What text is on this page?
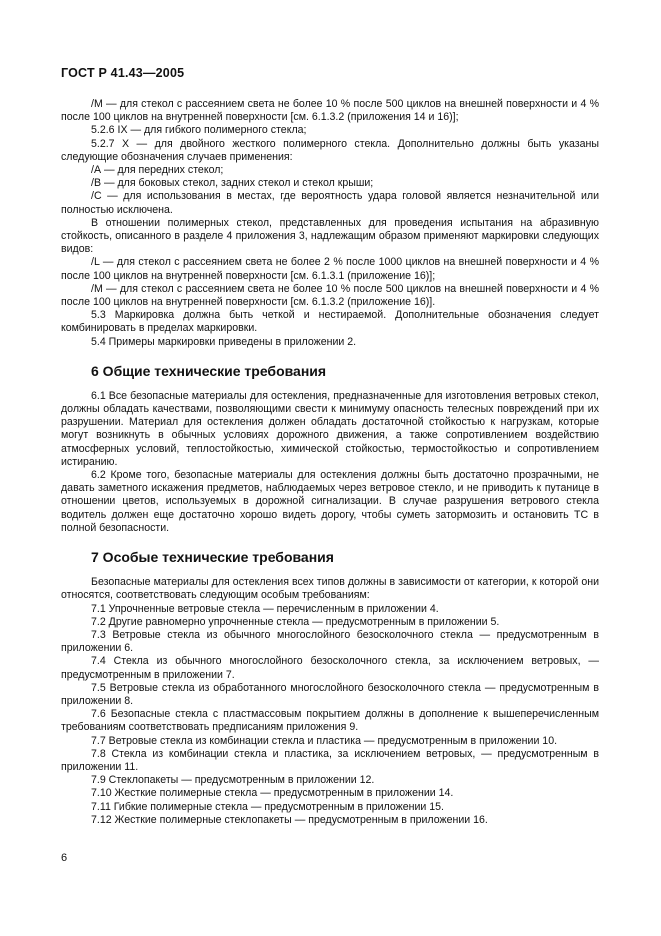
ГОСТ Р 41.43—2005

/М — для стекол с рассеянием света не более 10 % после 500 циклов на внешней поверхности и 4 % после 100 циклов на внутренней поверхности [см. 6.1.3.2 (приложения 14 и 16)];

5.2.6 IX — для гибкого полимерного стекла;

5.2.7 X — для двойного жесткого полимерного стекла. Дополнительно должны быть указаны следующие обозначения случаев применения:

/А — для передних стекол;

/В — для боковых стекол, задних стекол и стекол крыши;

/С — для использования в местах, где вероятность удара головой является незначительной или полностью исключена.

В отношении полимерных стекол, представленных для проведения испытания на абразивную стойкость, описанного в разделе 4 приложения 3, надлежащим образом применяют маркировки следующих видов:

/L — для стекол с рассеянием света не более 2 % после 1000 циклов на внешней поверхности и 4 % после 100 циклов на внутренней поверхности [см. 6.1.3.1 (приложение 16)];

/М — для стекол с рассеянием света не более 10 % после 500 циклов на внешней поверхности и 4 % после 100 циклов на внутренней поверхности [см. 6.1.3.2 (приложение 16)].

5.3 Маркировка должна быть четкой и нестираемой. Дополнительные обозначения следует комбинировать в пределах маркировки.

5.4 Примеры маркировки приведены в приложении 2.

6 Общие технические требования

6.1 Все безопасные материалы для остекления, предназначенные для изготовления ветровых стекол, должны обладать качествами, позволяющими свести к минимуму опасность телесных повреждений при их разрушении. Материал для остекления должен обладать достаточной стойкостью к нагрузкам, которые могут возникнуть в обычных условиях дорожного движения, а также сопротивлением воздействию атмосферных условий, теплостойкостью, химической стойкостью, термостойкостью и сопротивлением истиранию.

6.2 Кроме того, безопасные материалы для остекления должны быть достаточно прозрачными, не давать заметного искажения предметов, наблюдаемых через ветровое стекло, и не приводить к путанице в отношении цветов, используемых в дорожной сигнализации. В случае разрушения ветрового стекла водитель должен еще достаточно хорошо видеть дорогу, чтобы суметь затормозить и остановить ТС в полной безопасности.

7 Особые технические требования

Безопасные материалы для остекления всех типов должны в зависимости от категории, к которой они относятся, соответствовать следующим особым требованиям:

7.1 Упрочненные ветровые стекла — перечисленным в приложении 4.

7.2 Другие равномерно упрочненные стекла — предусмотренным в приложении 5.

7.3 Ветровые стекла из обычного многослойного безосколочного стекла — предусмотренным в приложении 6.

7.4 Стекла из обычного многослойного безосколочного стекла, за исключением ветровых, — предусмотренным в приложении 7.

7.5 Ветровые стекла из обработанного многослойного безосколочного стекла — предусмотренным в приложении 8.

7.6 Безопасные стекла с пластмассовым покрытием должны в дополнение к вышеперечисленным требованиям соответствовать предписаниям приложения 9.

7.7 Ветровые стекла из комбинации стекла и пластика — предусмотренным в приложении 10.

7.8 Стекла из комбинации стекла и пластика, за исключением ветровых, — предусмотренным в приложении 11.

7.9 Стеклопакеты — предусмотренным в приложении 12.

7.10 Жесткие полимерные стекла — предусмотренным в приложении 14.

7.11 Гибкие полимерные стекла — предусмотренным в приложении 15.

7.12 Жесткие полимерные стеклопакеты — предусмотренным в приложении 16.

6
